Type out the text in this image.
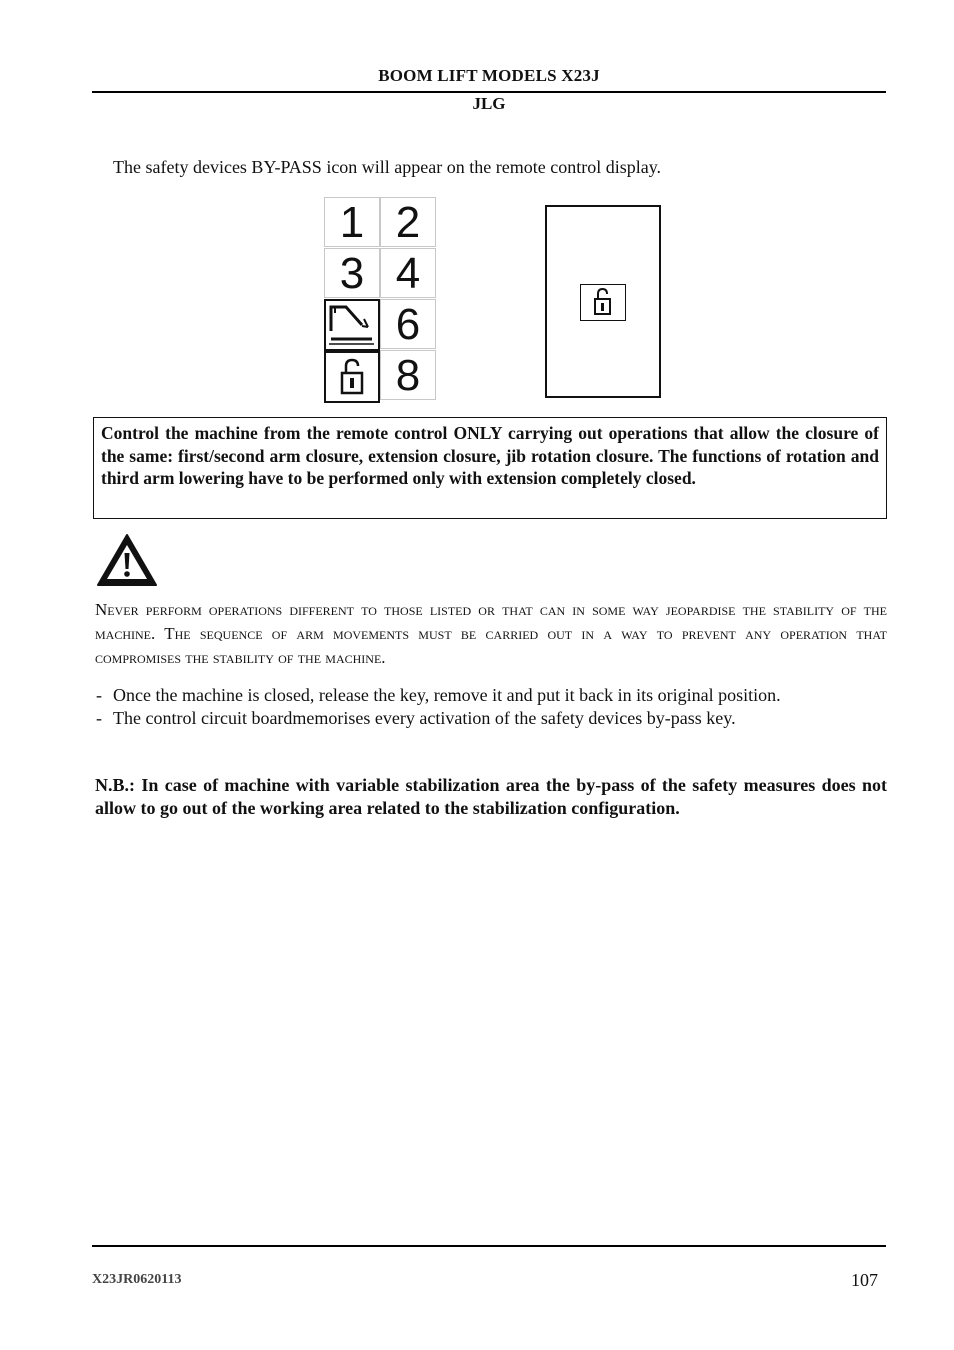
BOOM LIFT MODELS X23J
JLG
The safety devices BY-PASS icon will appear on the remote control display.
1 2
3 4
6
8
Control the machine from the remote control ONLY carrying out operations that allow the closure of the same: first/second arm closure, extension closure, jib rotation closure. The functions of rotation and third arm lowering have to be performed only with extension completely closed.
Never perform operations different to those listed or that can in some way jeopardise the stability of the machine. The sequence of arm movements must be carried out in a way to prevent any operation that compromises the stability of the machine.
- Once the machine is closed, release the key, remove it and put it back in its original position.
- The control circuit boardmemorises every activation of the safety devices by-pass key.
N.B.: In case of machine with variable stabilization area the by-pass of the safety measures does not allow to go out of the working area related to the stabilization configuration.
X23JR0620113	107
